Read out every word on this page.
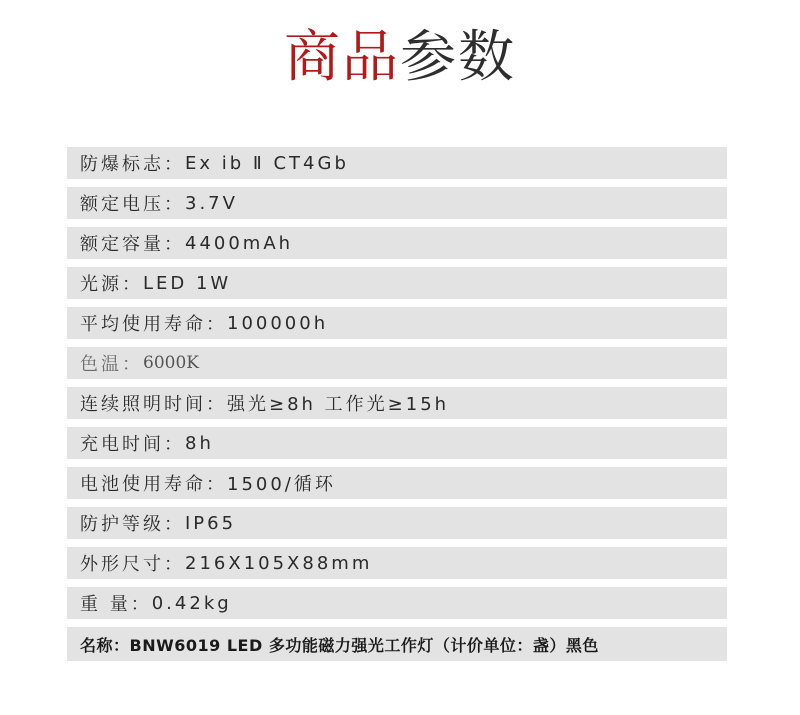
商品参数
防爆标志： Ex ib Ⅱ CT4Gb
额定电压： 3.7V
额定容量： 4400mAh
光源： LED 1W
平均使用寿命： 100000h
色温： 6000K
连续照明时间： 强光≥8h 工作光≥15h
充电时间： 8h
电池使用寿命： 1500/循环
防护等级： IP65
外形尺寸： 216X105X88mm
重 量： 0.42kg
名称： BNW6019 LED 多功能磁力强光工作灯（计价单位：盏）黑色
